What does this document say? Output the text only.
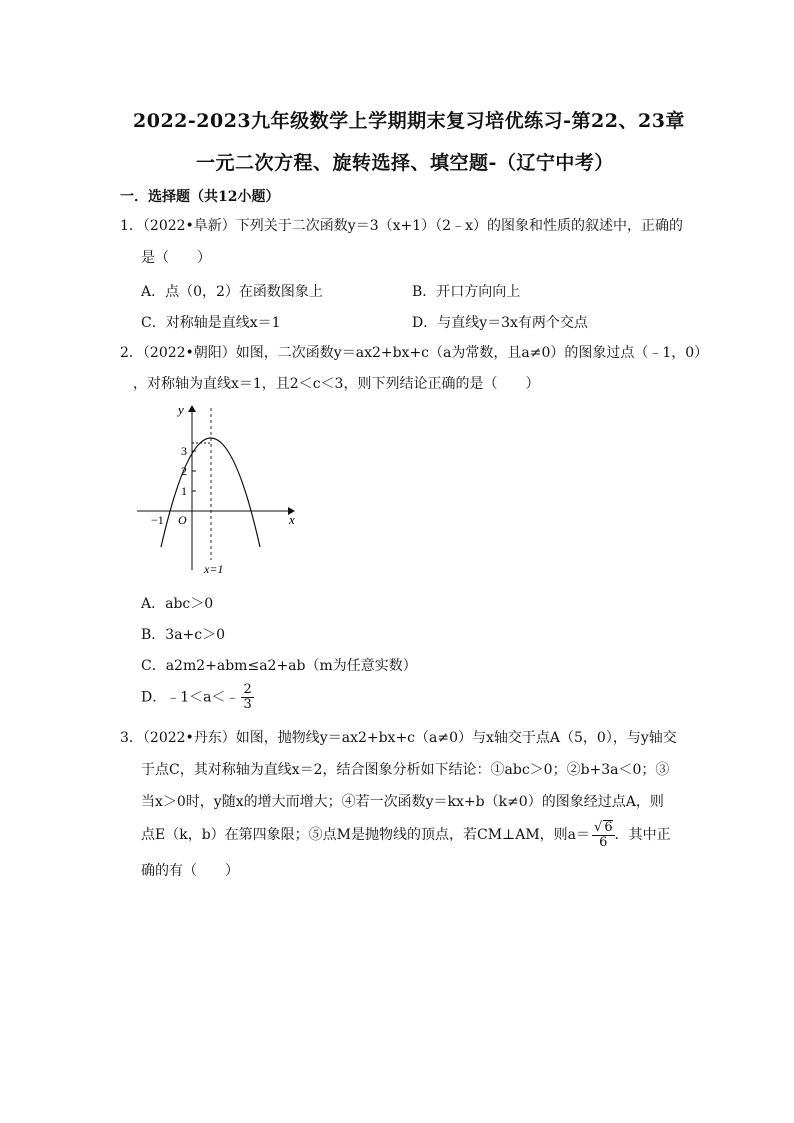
2022-2023九年级数学上学期期末复习培优练习-第22、23章
一元二次方程、旋转选择、填空题-（辽宁中考）
一．选择题（共12小题）
1．（2022•阜新）下列关于二次函数y＝3（x+1）（2﹣x）的图象和性质的叙述中，正确的
是（　　）
A．点（0，2）在函数图象上	B．开口方向向上
C．对称轴是直线x＝1	D．与直线y＝3x有两个交点
2．（2022•朝阳）如图，二次函数y＝ax2+bx+c（a为常数，且a≠0）的图象过点（﹣1，0）
，对称轴为直线x＝1，且2＜c＜3，则下列结论正确的是（　　）
y
x
O
−1
1
2
3
x=1
A．abc＞0
B．3a+c＞0
C．a2m2+abm≤a2+ab（m为任意实数）
D．﹣1＜a＜﹣ $\frac{2}{3}$
3．（2022•丹东）如图，抛物线y＝ax2+bx+c（a≠0）与x轴交于点A（5，0），与y轴交
于点C，其对称轴为直线x＝2，结合图象分析如下结论：①abc＞0；②b+3a＜0；③
当x＞0时，y随x的增大而增大；④若一次函数y＝kx+b（k≠0）的图象经过点A，则
点E（k，b）在第四象限；⑤点M是抛物线的顶点，若CM⊥AM，则$a= \frac{√ 6}{6}$ ．其中正
确的有（　　）
